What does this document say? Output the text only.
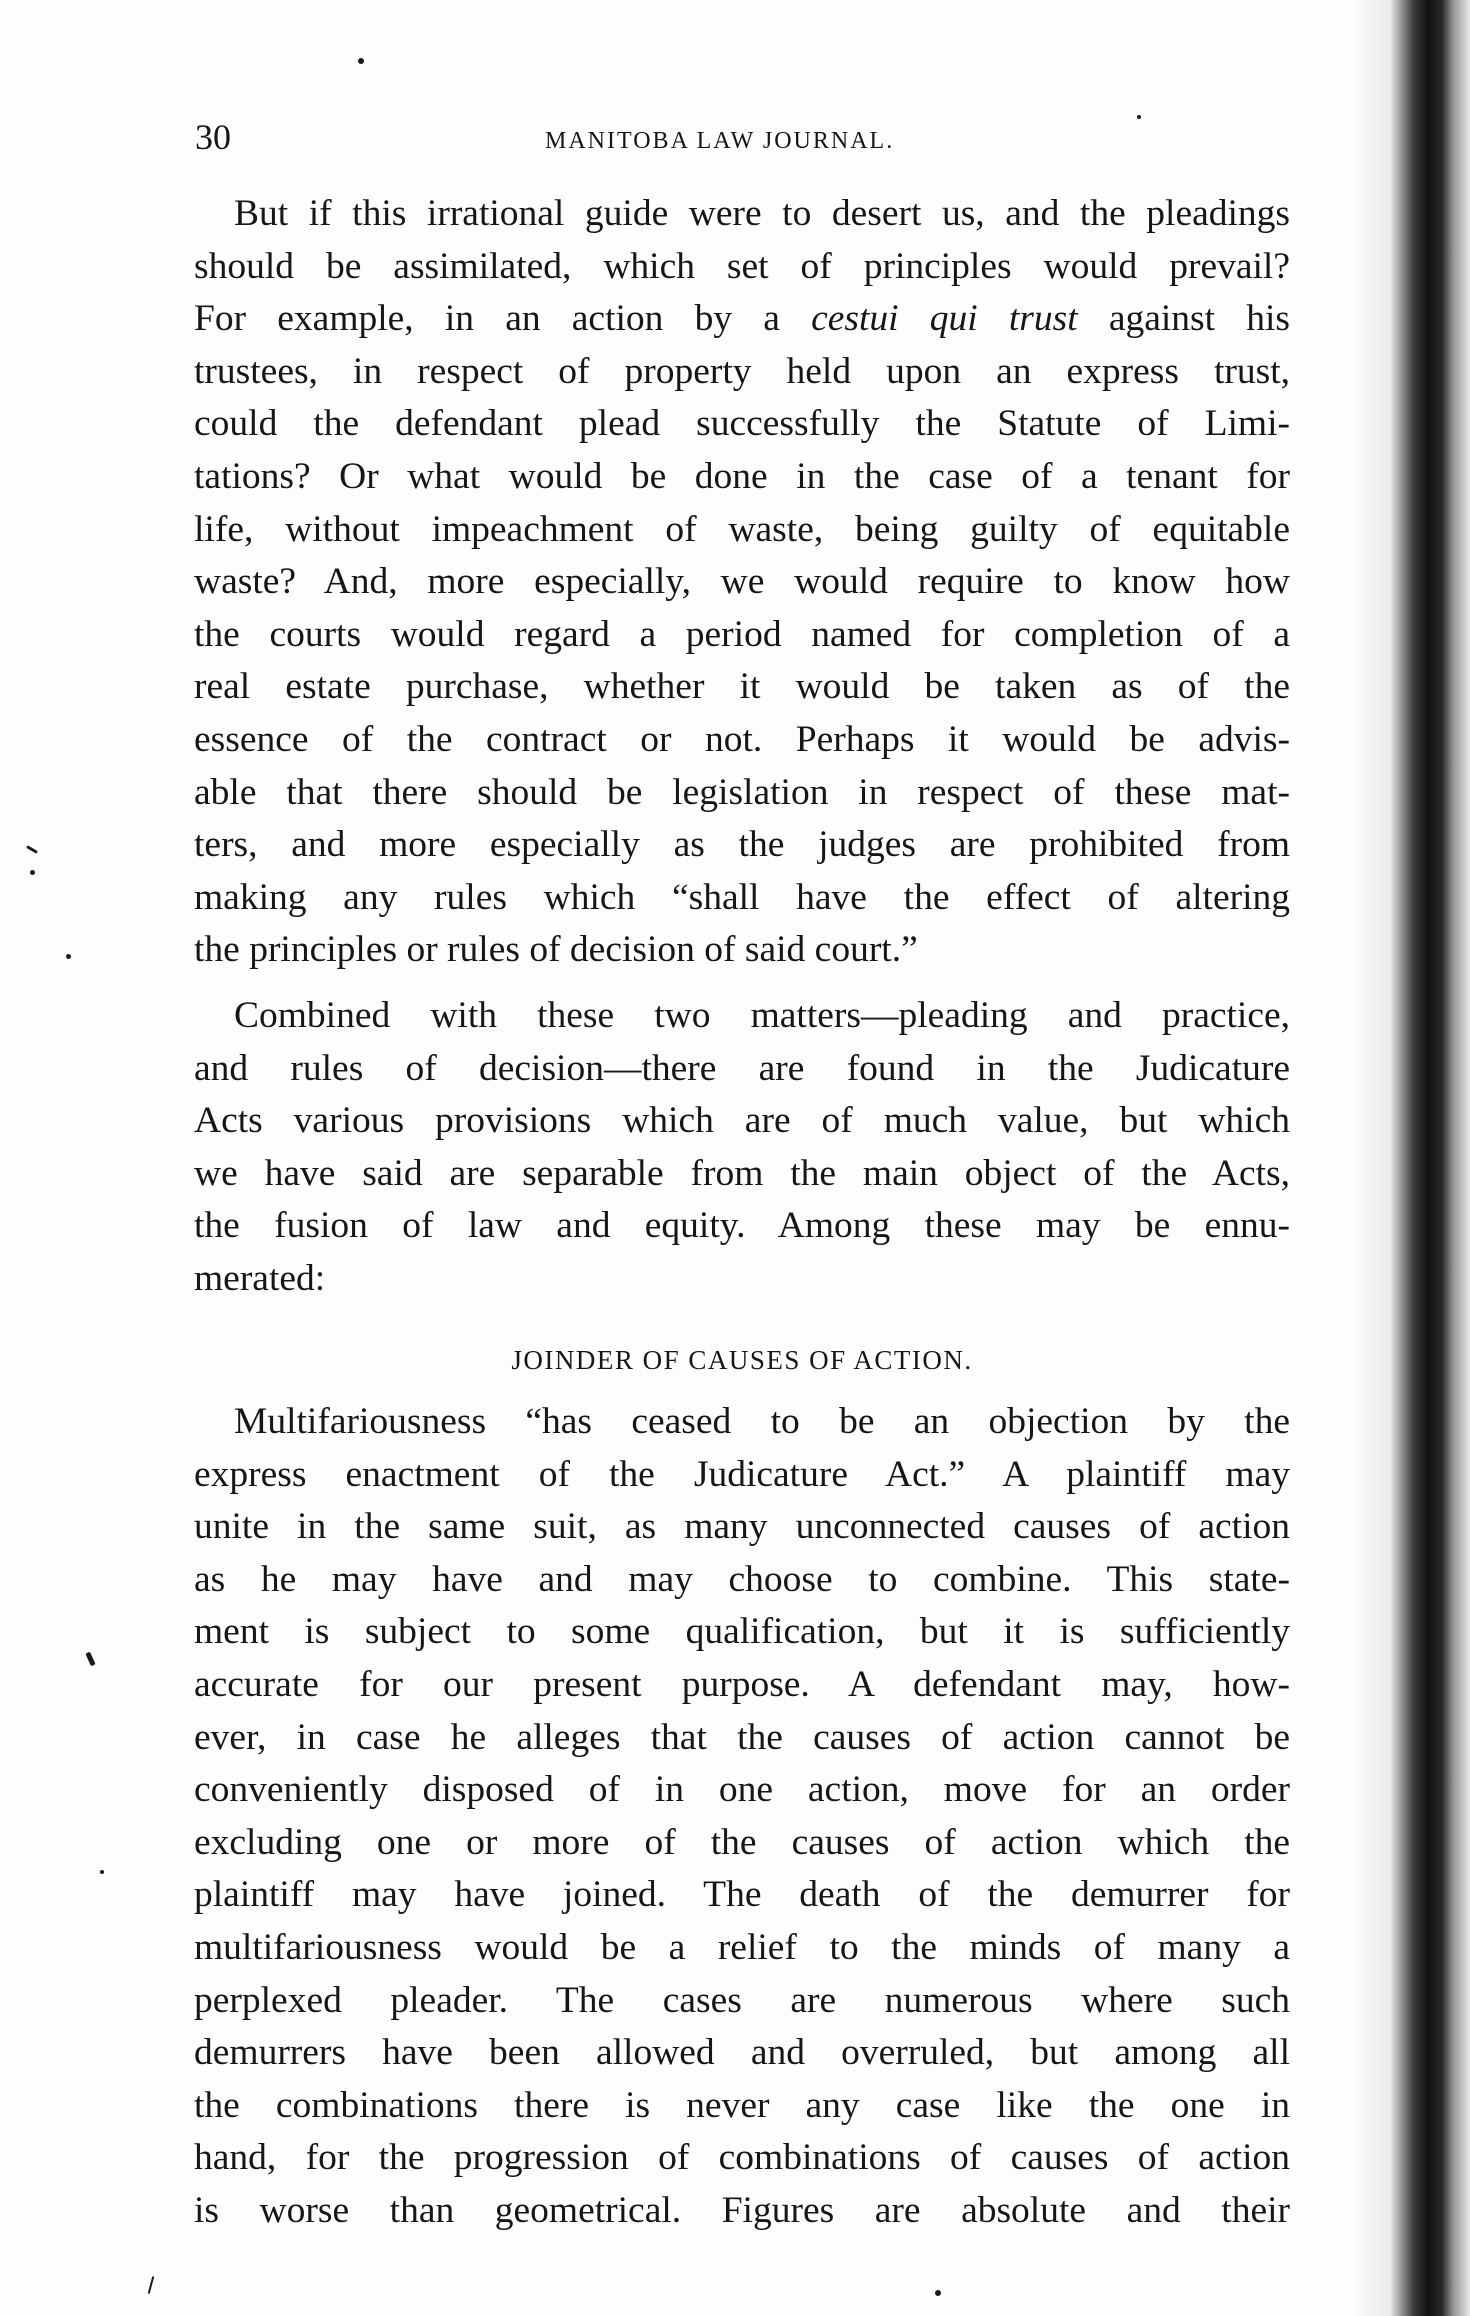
30	MANITOBA LAW JOURNAL.

But if this irrational guide were to desert us, and the pleadings
should be assimilated, which set of principles would prevail?
For example, in an action by a cestui qui trust against his
trustees, in respect of property held upon an express trust,
could the defendant plead successfully the Statute of Limi-
tations? Or what would be done in the case of a tenant for
life, without impeachment of waste, being guilty of equitable
waste? And, more especially, we would require to know how
the courts would regard a period named for completion of a
real estate purchase, whether it would be taken as of the
essence of the contract or not. Perhaps it would be advis-
able that there should be legislation in respect of these mat-
ters, and more especially as the judges are prohibited from
making any rules which “shall have the effect of altering
the principles or rules of decision of said court.”

Combined with these two matters—pleading and practice,
and rules of decision—there are found in the Judicature
Acts various provisions which are of much value, but which
we have said are separable from the main object of the Acts,
the fusion of law and equity. Among these may be ennu-
merated:

JOINDER OF CAUSES OF ACTION.

Multifariousness “has ceased to be an objection by the
express enactment of the Judicature Act.” A plaintiff may
unite in the same suit, as many unconnected causes of action
as he may have and may choose to combine. This state-
ment is subject to some qualification, but it is sufficiently
accurate for our present purpose. A defendant may, how-
ever, in case he alleges that the causes of action cannot be
conveniently disposed of in one action, move for an order
excluding one or more of the causes of action which the
plaintiff may have joined. The death of the demurrer for
multifariousness would be a relief to the minds of many a
perplexed pleader. The cases are numerous where such
demurrers have been allowed and overruled, but among all
the combinations there is never any case like the one in
hand, for the progression of combinations of causes of action
is worse than geometrical. Figures are absolute and their
